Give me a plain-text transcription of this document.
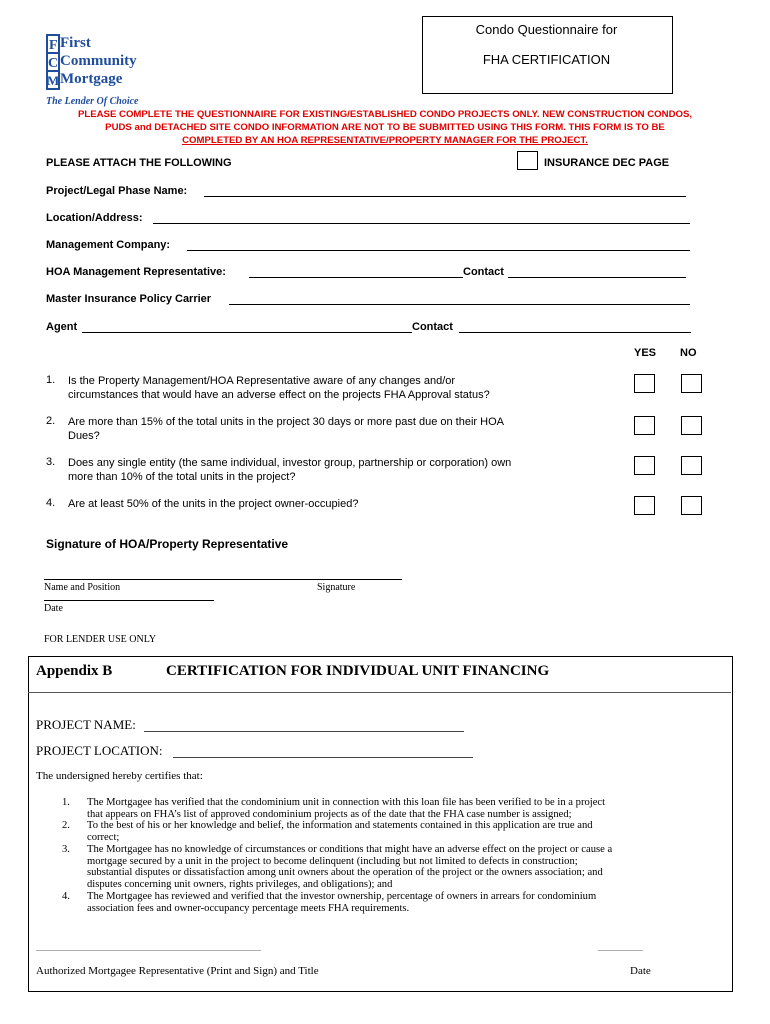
Condo Questionnaire for
FHA CERTIFICATION
F
C
M
First
Community
Mortgage
The Lender Of Choice
PLEASE COMPLETE THE QUESTIONNAIRE FOR EXISTING/ESTABLISHED CONDO PROJECTS ONLY. NEW CONSTRUCTION CONDOS,
PUDS and DETACHED SITE CONDO INFORMATION ARE NOT TO BE SUBMITTED USING THIS FORM. THIS FORM IS TO BE
COMPLETED BY AN HOA REPRESENTATIVE/PROPERTY MANAGER FOR THE PROJECT.
PLEASE ATTACH THE FOLLOWING	INSURANCE DEC PAGE
Project/Legal Phase Name:
Location/Address:
Management Company:
HOA Management Representative:	Contact
Master Insurance Policy Carrier
Agent	Contact
YES NO
1. Is the Property Management/HOA Representative aware of any changes and/or
circumstances that would have an adverse effect on the projects FHA Approval status?
2. Are more than 15% of the total units in the project 30 days or more past due on their HOA
Dues?
3. Does any single entity (the same individual, investor group, partnership or corporation) own
more than 10% of the total units in the project?
4. Are at least 50% of the units in the project owner-occupied?
Signature of HOA/Property Representative
Name and Position	Signature
Date
FOR LENDER USE ONLY
Appendix B	CERTIFICATION FOR INDIVIDUAL UNIT FINANCING
PROJECT NAME:
PROJECT LOCATION:
The undersigned hereby certifies that:
1. The Mortgagee has verified that the condominium unit in connection with this loan file has been verified to be in a project
that appears on FHA’s list of approved condominium projects as of the date that the FHA case number is assigned;
2. To the best of his or her knowledge and belief, the information and statements contained in this application are true and
correct;
3. The Mortgagee has no knowledge of circumstances or conditions that might have an adverse effect on the project or cause a
mortgage secured by a unit in the project to become delinquent (including but not limited to defects in construction;
substantial disputes or dissatisfaction among unit owners about the operation of the project or the owners association; and
disputes concerning unit owners, rights privileges, and obligations); and
4. The Mortgagee has reviewed and verified that the investor ownership, percentage of owners in arrears for condominium
association fees and owner-occupancy percentage meets FHA requirements.
_____________________________________________	_________
Authorized Mortgagee Representative (Print and Sign) and Title	Date
